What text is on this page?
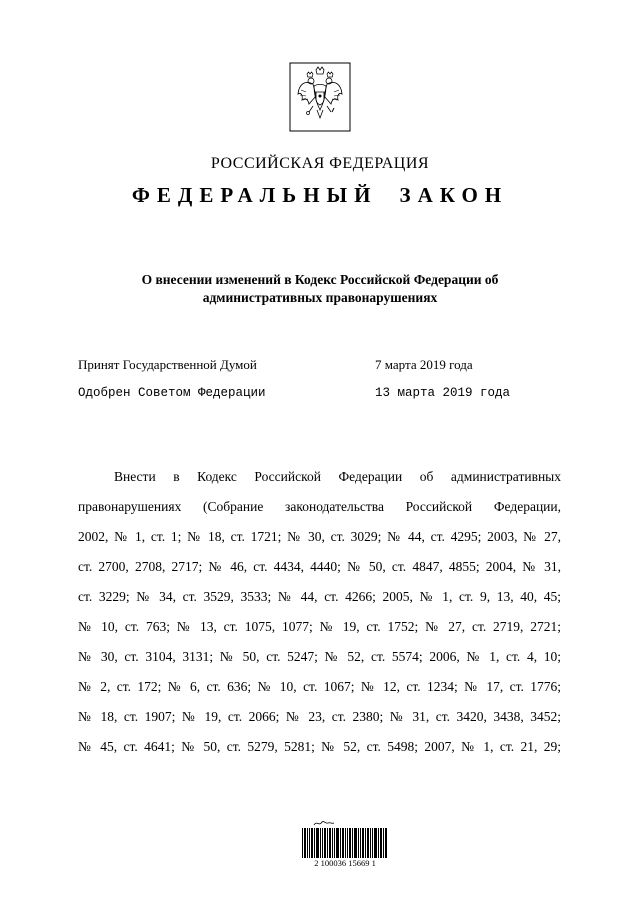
РОССИЙСКАЯ ФЕДЕРАЦИЯ
ФЕДЕРАЛЬНЫЙ ЗАКОН
О внесении изменений в Кодекс Российской Федерации об
административных правонарушениях
Принят Государственной Думой	7 марта 2019 года
Одобрен Советом Федерации	13 марта 2019 года
Внести в Кодекс Российской Федерации об административных
правонарушениях (Собрание законодательства Российской Федерации,
2002, № 1, ст. 1; № 18, ст. 1721; № 30, ст. 3029; № 44, ст. 4295; 2003, № 27,
ст. 2700, 2708, 2717; № 46, ст. 4434, 4440; № 50, ст. 4847, 4855; 2004, № 31,
ст. 3229; № 34, ст. 3529, 3533; № 44, ст. 4266; 2005, № 1, ст. 9, 13, 40, 45;
№ 10, ст. 763; № 13, ст. 1075, 1077; № 19, ст. 1752; № 27, ст. 2719, 2721;
№ 30, ст. 3104, 3131; № 50, ст. 5247; № 52, ст. 5574; 2006, № 1, ст. 4, 10;
№ 2, ст. 172; № 6, ст. 636; № 10, ст. 1067; № 12, ст. 1234; № 17, ст. 1776;
№ 18, ст. 1907; № 19, ст. 2066; № 23, ст. 2380; № 31, ст. 3420, 3438, 3452;
№ 45, ст. 4641; № 50, ст. 5279, 5281; № 52, ст. 5498; 2007, № 1, ст. 21, 29;
2 100036 15669 1
